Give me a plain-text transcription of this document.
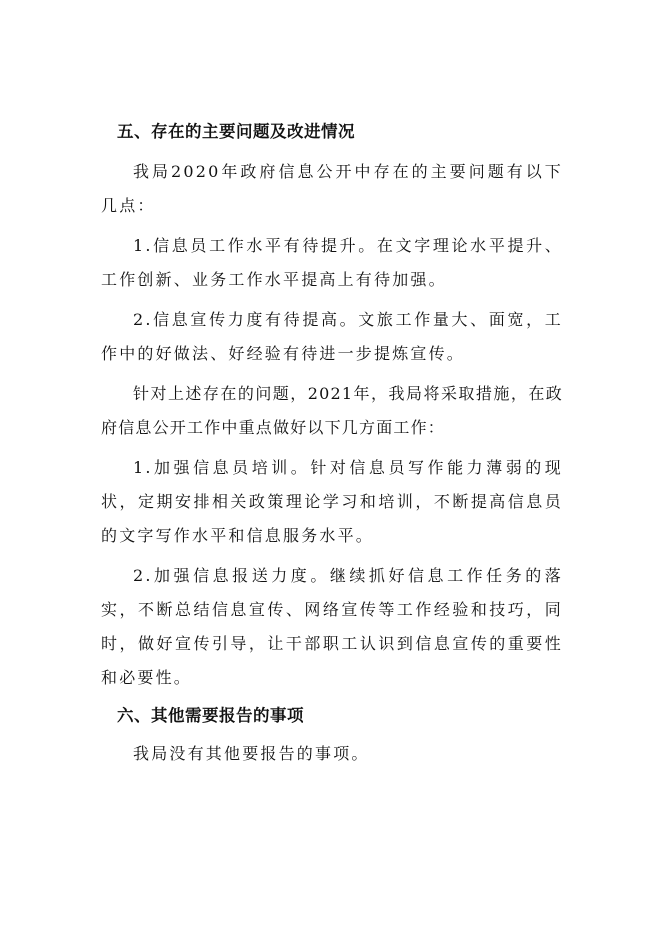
五、存在的主要问题及改进情况

我局2020年政府信息公开中存在的主要问题有以下几点：

1.信息员工作水平有待提升。在文字理论水平提升、工作创新、业务工作水平提高上有待加强。

2.信息宣传力度有待提高。文旅工作量大、面宽，工作中的好做法、好经验有待进一步提炼宣传。

针对上述存在的问题，2021年，我局将采取措施，在政府信息公开工作中重点做好以下几方面工作：

1.加强信息员培训。针对信息员写作能力薄弱的现状，定期安排相关政策理论学习和培训，不断提高信息员的文字写作水平和信息服务水平。

2.加强信息报送力度。继续抓好信息工作任务的落实，不断总结信息宣传、网络宣传等工作经验和技巧，同时，做好宣传引导，让干部职工认识到信息宣传的重要性和必要性。

六、其他需要报告的事项

我局没有其他要报告的事项。
